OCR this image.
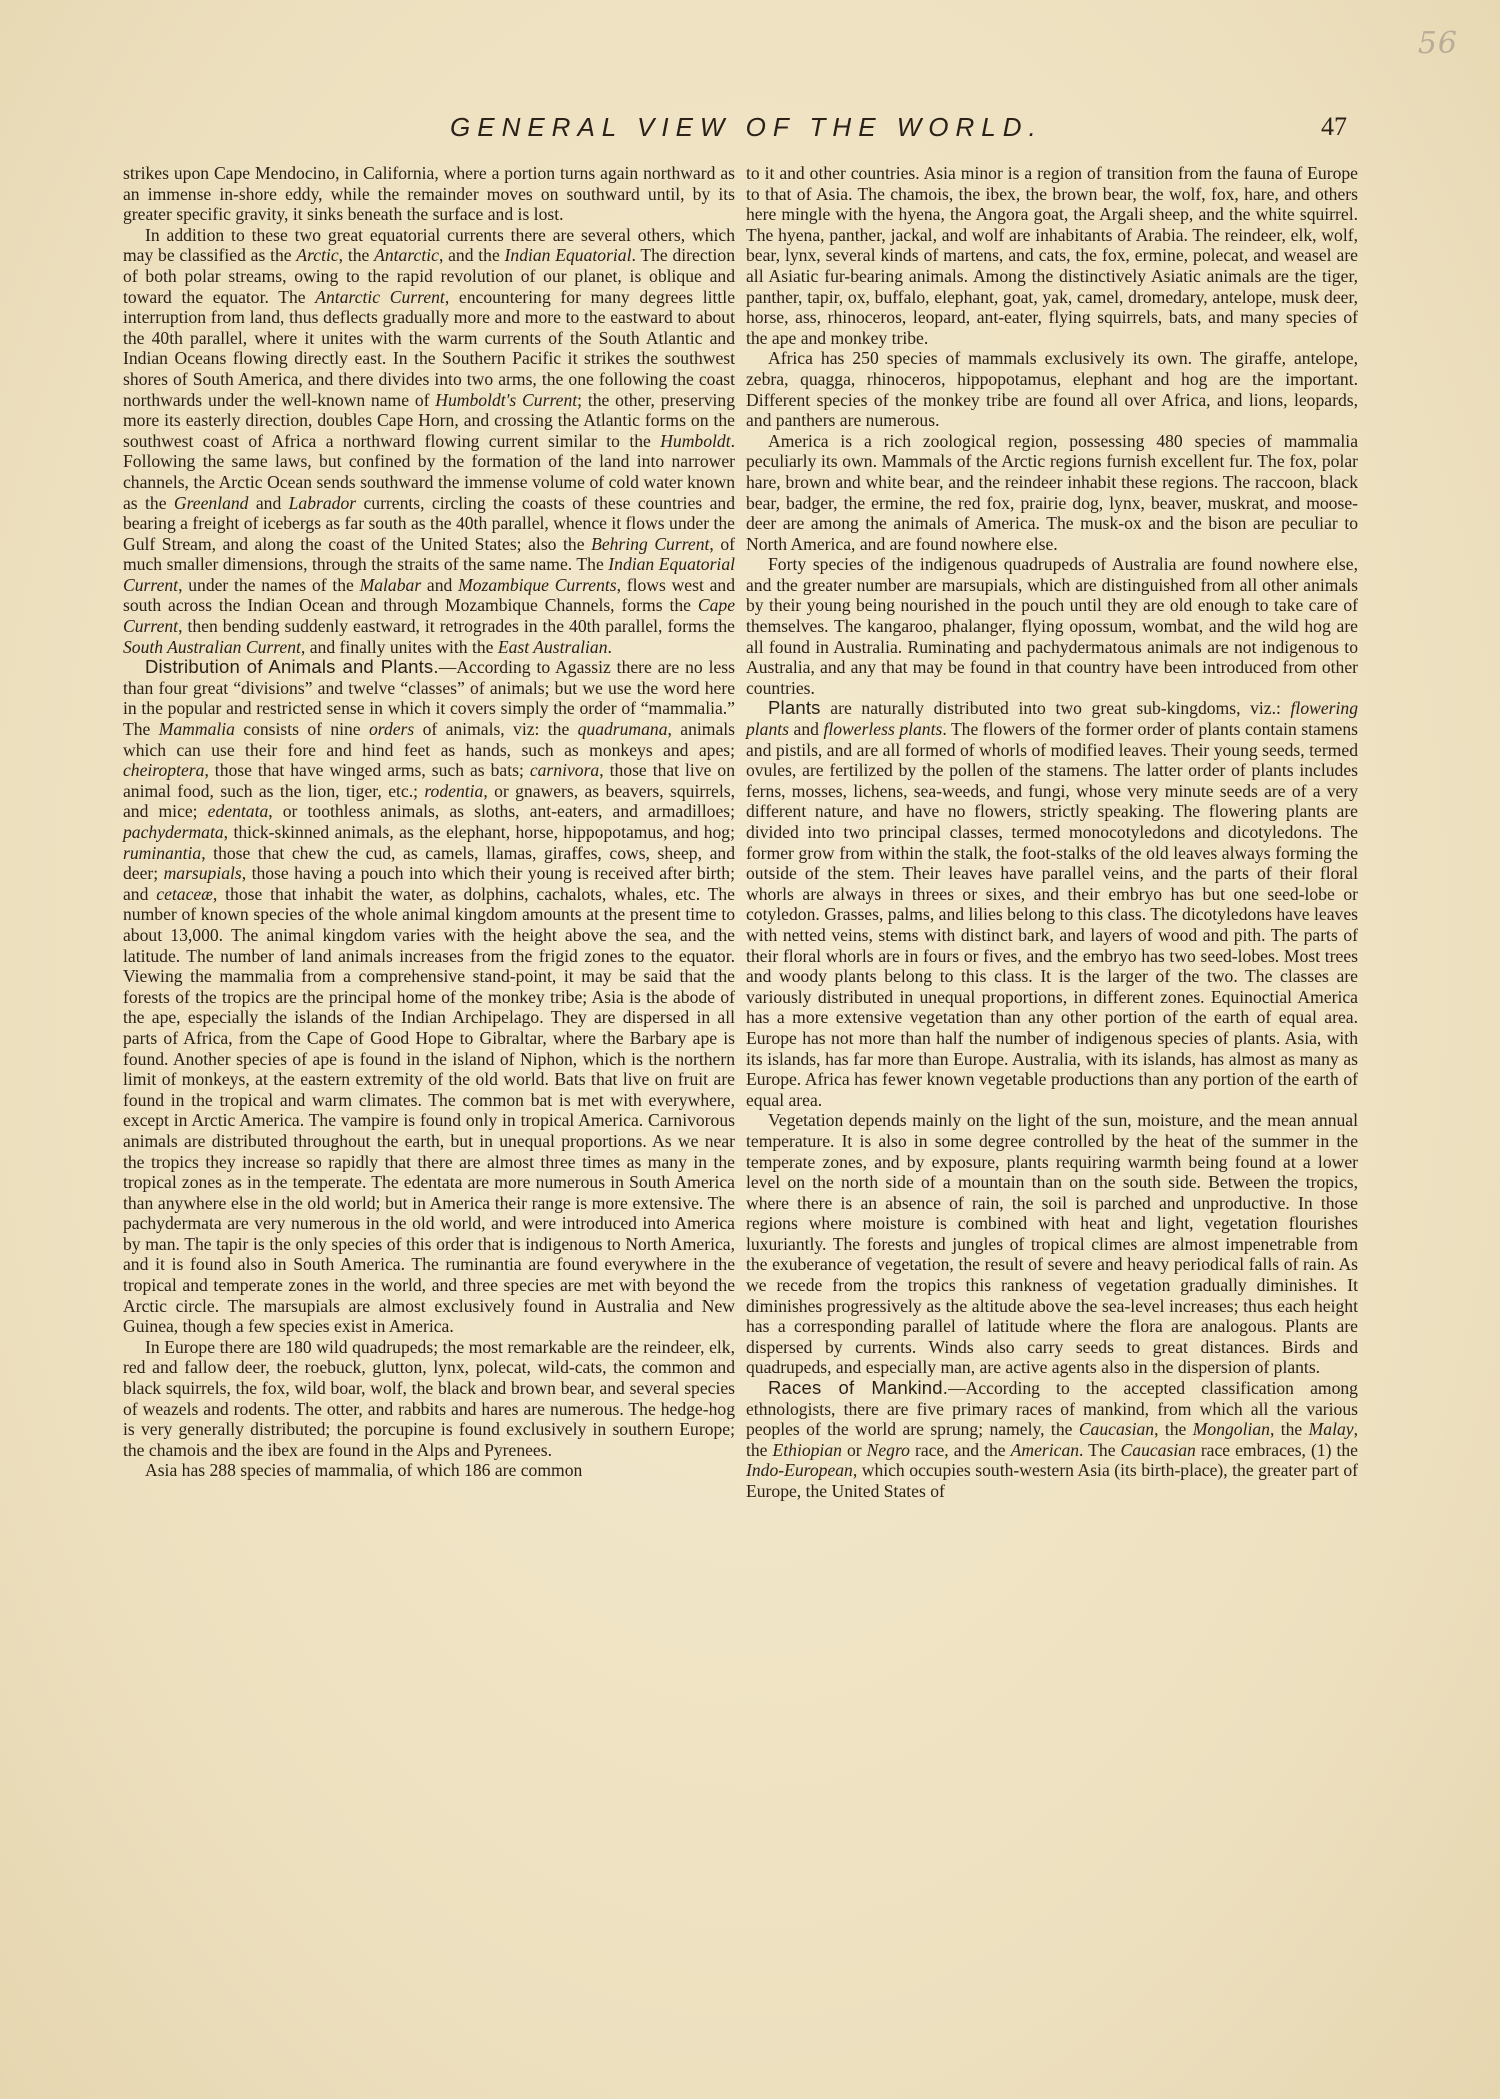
56
GENERAL VIEW OF THE WORLD.	47

strikes upon Cape Mendocino, in California, where a portion turns again northward as an immense in-shore eddy, while the remainder moves on southward until, by its greater specific gravity, it sinks beneath the surface and is lost.

In addition to these two great equatorial currents there are several others, which may be classified as the Arctic, the Antarctic, and the Indian Equatorial. The direction of both polar streams, owing to the rapid revolution of our planet, is oblique and toward the equator. The Antarctic Current, encountering for many degrees little interruption from land, thus deflects gradually more and more to the eastward to about the 40th parallel, where it unites with the warm currents of the South Atlantic and Indian Oceans flowing directly east. In the Southern Pacific it strikes the southwest shores of South America, and there divides into two arms, the one following the coast northwards under the well-known name of Humboldt's Current; the other, preserving more its easterly direction, doubles Cape Horn, and crossing the Atlantic forms on the southwest coast of Africa a northward flowing current similar to the Humboldt. Following the same laws, but confined by the formation of the land into narrower channels, the Arctic Ocean sends southward the immense volume of cold water known as the Greenland and Labrador currents, circling the coasts of these countries and bearing a freight of icebergs as far south as the 40th parallel, whence it flows under the Gulf Stream, and along the coast of the United States; also the Behring Current, of much smaller dimensions, through the straits of the same name. The Indian Equatorial Current, under the names of the Malabar and Mozambique Currents, flows west and south across the Indian Ocean and through Mozambique Channels, forms the Cape Current, then bending suddenly eastward, it retrogrades in the 40th parallel, forms the South Australian Current, and finally unites with the East Australian.

Distribution of Animals and Plants.—According to Agassiz there are no less than four great “divisions” and twelve “classes” of animals; but we use the word here in the popular and restricted sense in which it covers simply the order of “mammalia.” The Mammalia consists of nine orders of animals, viz: the quadrumana, animals which can use their fore and hind feet as hands, such as monkeys and apes; cheiroptera, those that have winged arms, such as bats; carnivora, those that live on animal food, such as the lion, tiger, etc.; rodentia, or gnawers, as beavers, squirrels, and mice; edentata, or toothless animals, as sloths, ant-eaters, and armadilloes; pachydermata, thick-skinned animals, as the elephant, horse, hippopotamus, and hog; ruminantia, those that chew the cud, as camels, llamas, giraffes, cows, sheep, and deer; marsupials, those having a pouch into which their young is received after birth; and cetaceæ, those that inhabit the water, as dolphins, cachalots, whales, etc. The number of known species of the whole animal kingdom amounts at the present time to about 13,000. The animal kingdom varies with the height above the sea, and the latitude. The number of land animals increases from the frigid zones to the equator. Viewing the mammalia from a comprehensive stand-point, it may be said that the forests of the tropics are the principal home of the monkey tribe; Asia is the abode of the ape, especially the islands of the Indian Archipelago. They are dispersed in all parts of Africa, from the Cape of Good Hope to Gibraltar, where the Barbary ape is found. Another species of ape is found in the island of Niphon, which is the northern limit of monkeys, at the eastern extremity of the old world. Bats that live on fruit are found in the tropical and warm climates. The common bat is met with everywhere, except in Arctic America. The vampire is found only in tropical America. Carnivorous animals are distributed throughout the earth, but in unequal proportions. As we near the tropics they increase so rapidly that there are almost three times as many in the tropical zones as in the temperate. The edentata are more numerous in South America than anywhere else in the old world; but in America their range is more extensive. The pachydermata are very numerous in the old world, and were introduced into America by man. The tapir is the only species of this order that is indigenous to North America, and it is found also in South America. The ruminantia are found everywhere in the tropical and temperate zones in the world, and three species are met with beyond the Arctic circle. The marsupials are almost exclusively found in Australia and New Guinea, though a few species exist in America.

In Europe there are 180 wild quadrupeds; the most remarkable are the reindeer, elk, red and fallow deer, the roebuck, glutton, lynx, polecat, wild-cats, the common and black squirrels, the fox, wild boar, wolf, the black and brown bear, and several species of weazels and rodents. The otter, and rabbits and hares are numerous. The hedge-hog is very generally distributed; the porcupine is found exclusively in southern Europe; the chamois and the ibex are found in the Alps and Pyrenees.

Asia has 288 species of mammalia, of which 186 are common

to it and other countries. Asia minor is a region of transition from the fauna of Europe to that of Asia. The chamois, the ibex, the brown bear, the wolf, fox, hare, and others here mingle with the hyena, the Angora goat, the Argali sheep, and the white squirrel. The hyena, panther, jackal, and wolf are inhabitants of Arabia. The reindeer, elk, wolf, bear, lynx, several kinds of martens, and cats, the fox, ermine, polecat, and weasel are all Asiatic fur-bearing animals. Among the distinctively Asiatic animals are the tiger, panther, tapir, ox, buffalo, elephant, goat, yak, camel, dromedary, antelope, musk deer, horse, ass, rhinoceros, leopard, ant-eater, flying squirrels, bats, and many species of the ape and monkey tribe.

Africa has 250 species of mammals exclusively its own. The giraffe, antelope, zebra, quagga, rhinoceros, hippopotamus, elephant and hog are the important. Different species of the monkey tribe are found all over Africa, and lions, leopards, and panthers are numerous.

America is a rich zoological region, possessing 480 species of mammalia peculiarly its own. Mammals of the Arctic regions furnish excellent fur. The fox, polar hare, brown and white bear, and the reindeer inhabit these regions. The raccoon, black bear, badger, the ermine, the red fox, prairie dog, lynx, beaver, muskrat, and moose-deer are among the animals of America. The musk-ox and the bison are peculiar to North America, and are found nowhere else.

Forty species of the indigenous quadrupeds of Australia are found nowhere else, and the greater number are marsupials, which are distinguished from all other animals by their young being nourished in the pouch until they are old enough to take care of themselves. The kangaroo, phalanger, flying opossum, wombat, and the wild hog are all found in Australia. Ruminating and pachydermatous animals are not indigenous to Australia, and any that may be found in that country have been introduced from other countries.

Plants are naturally distributed into two great sub-kingdoms, viz.: flowering plants and flowerless plants. The flowers of the former order of plants contain stamens and pistils, and are all formed of whorls of modified leaves. Their young seeds, termed ovules, are fertilized by the pollen of the stamens. The latter order of plants includes ferns, mosses, lichens, sea-weeds, and fungi, whose very minute seeds are of a very different nature, and have no flowers, strictly speaking. The flowering plants are divided into two principal classes, termed monocotyledons and dicotyledons. The former grow from within the stalk, the foot-stalks of the old leaves always forming the outside of the stem. Their leaves have parallel veins, and the parts of their floral whorls are always in threes or sixes, and their embryo has but one seed-lobe or cotyledon. Grasses, palms, and lilies belong to this class. The dicotyledons have leaves with netted veins, stems with distinct bark, and layers of wood and pith. The parts of their floral whorls are in fours or fives, and the embryo has two seed-lobes. Most trees and woody plants belong to this class. It is the larger of the two. The classes are variously distributed in unequal proportions, in different zones. Equinoctial America has a more extensive vegetation than any other portion of the earth of equal area. Europe has not more than half the number of indigenous species of plants. Asia, with its islands, has far more than Europe. Australia, with its islands, has almost as many as Europe. Africa has fewer known vegetable productions than any portion of the earth of equal area.

Vegetation depends mainly on the light of the sun, moisture, and the mean annual temperature. It is also in some degree controlled by the heat of the summer in the temperate zones, and by exposure, plants requiring warmth being found at a lower level on the north side of a mountain than on the south side. Between the tropics, where there is an absence of rain, the soil is parched and unproductive. In those regions where moisture is combined with heat and light, vegetation flourishes luxuriantly. The forests and jungles of tropical climes are almost impenetrable from the exuberance of vegetation, the result of severe and heavy periodical falls of rain. As we recede from the tropics this rankness of vegetation gradually diminishes. It diminishes progressively as the altitude above the sea-level increases; thus each height has a corresponding parallel of latitude where the flora are analogous. Plants are dispersed by currents. Winds also carry seeds to great distances. Birds and quadrupeds, and especially man, are active agents also in the dispersion of plants.

Races of Mankind.—According to the accepted classification among ethnologists, there are five primary races of mankind, from which all the various peoples of the world are sprung; namely, the Caucasian, the Mongolian, the Malay, the Ethiopian or Negro race, and the American. The Caucasian race embraces, (1) the Indo-European, which occupies south-western Asia (its birth-place), the greater part of Europe, the United States of
